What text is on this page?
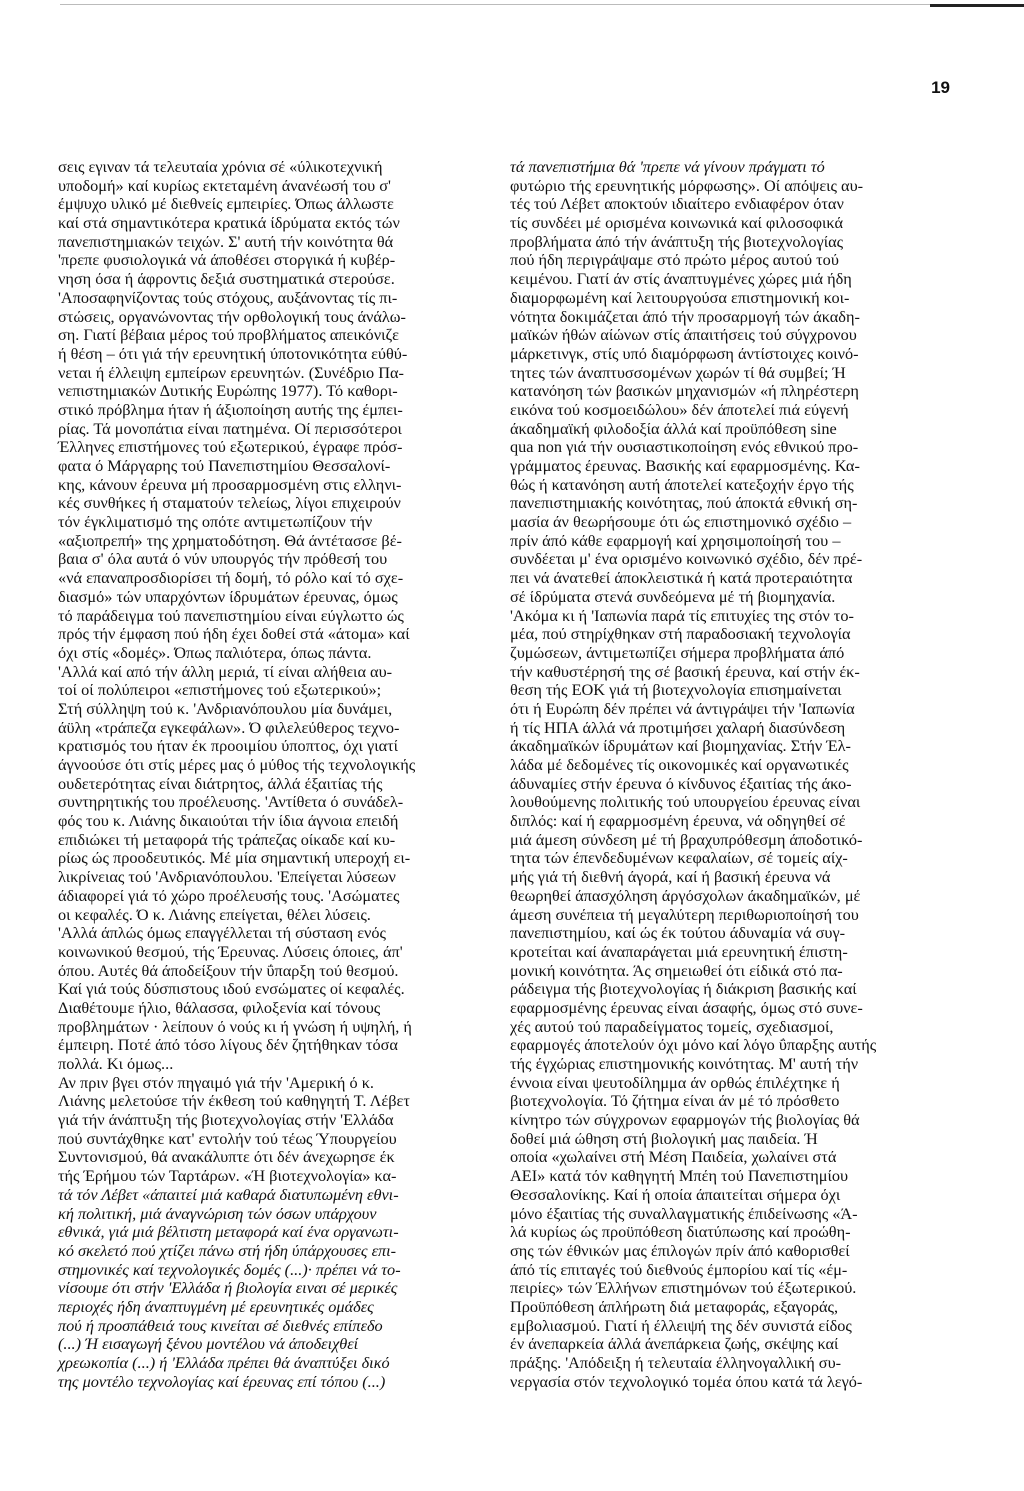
19
σεις εγιναν τά τελευταία χρόνια σέ «ύλικοτεχνική
υποδομή» καί κυρίως εκτεταμένη άνανέωσή του σ'
έμψυχο υλικό μέ διεθνείς εμπειρίες. Όπως άλλωστε
καί στά σημαντικότερα κρατικά ίδρύματα εκτός τών
πανεπιστημιακών τειχών. Σ' αυτή τήν κοινότητα θά
'πρεπε φυσιολογικά νά άποθέσει στοργικά ή κυβέρ-
νηση όσα ή άφροντις δεξιά συστηματικά στερούσε.
'Αποσαφηνίζοντας τούς στόχους, αυξάνοντας τίς πι-
στώσεις, οργανώνοντας τήν ορθολογική τους άνάλω-
ση. Γιατί βέβαια μέρος τού προβλήματος απεικόνιζε
ή θέση – ότι γιά τήν ερευνητική ύποτονικότητα εύθύ-
νεται ή έλλειψη εμπείρων ερευνητών. (Συνέδριο Πα-
νεπιστημιακών Δυτικής Ευρώπης 1977). Τό καθορι-
στικό πρόβλημα ήταν ή άξιοποίηση αυτής της έμπει-
ρίας. Τά μονοπάτια είναι πατημένα. Οί περισσότεροι
Έλληνες επιστήμονες τού εξωτερικού, έγραφε πρόσ-
φατα ό Μάργαρης τού Πανεπιστημίου Θεσσαλονί-
κης, κάνουν έρευνα μή προσαρμοσμένη στις ελληνι-
κές συνθήκες ή σταματούν τελείως, λίγοι επιχειρούν
τόν έγκλιματισμό της οπότε αντιμετωπίζουν τήν
«αξιοπρεπή» της χρηματοδότηση. Θά άντέτασσε βέ-
βαια σ' όλα αυτά ό νύν υπουργός τήν πρόθεσή του
«νά επαναπροσδιορίσει τή δομή, τό ρόλο καί τό σχε-
διασμό» τών υπαρχόντων ίδρυμάτων έρευνας, όμως
τό παράδειγμα τού πανεπιστημίου είναι εύγλωττο ώς
πρός τήν έμφαση πού ήδη έχει δοθεί στά «άτομα» καί
όχι στίς «δομές». Όπως παλιότερα, όπως πάντα.
'Αλλά καί από τήν άλλη μεριά, τί είναι αλήθεια αυ-
τοί οί πολύπειροι «επιστήμονες τού εξωτερικού»;
Στή σύλληψη τού κ. 'Ανδριανόπουλου μία δυνάμει,
άϋλη «τράπεζα εγκεφάλων». Ό φιλελεύθερος τεχνο-
κρατισμός του ήταν έκ προοιμίου ύποπτος, όχι γιατί
άγνοούσε ότι στίς μέρες μας ό μύθος τής τεχνολογικής
ουδετερότητας είναι διάτρητος, άλλά έξαιτίας τής
συντηρητικής του προέλευσης. 'Αντίθετα ό συνάδελ-
φός του κ. Λιάνης δικαιούται τήν ίδια άγνοια επειδή
επιδιώκει τή μεταφορά τής τράπεζας οίκαδε καί κυ-
ρίως ώς προοδευτικός. Μέ μία σημαντική υπεροχή ει-
λικρίνειας τού 'Ανδριανόπουλου. 'Επείγεται λύσεων
άδιαφορεί γιά τό χώρο προέλευσής τους. 'Ασώματες
οι κεφαλές. Ό κ. Λιάνης επείγεται, θέλει λύσεις.
'Αλλά άπλώς όμως επαγγέλλεται τή σύσταση ενός
κοινωνικού θεσμού, τής Έρευνας. Λύσεις όποιες, άπ'
όπου. Αυτές θά άποδείξουν τήν ΰπαρξη τού θεσμού.
Καί γιά τούς δύσπιστους ιδού ενσώματες οί κεφαλές.
Διαθέτουμε ήλιο, θάλασσα, φιλοξενία καί τόνους
προβλημάτων · λείπουν ό νούς κι ή γνώση ή υψηλή, ή
έμπειρη. Ποτέ άπό τόσο λίγους δέν ζητήθηκαν τόσα
πολλά. Κι όμως...
Αν πριν βγει στόν πηγαιμό γιά τήν 'Αμερική ό κ.
Λιάνης μελετούσε τήν έκθεση τού καθηγητή Τ. Λέβετ
γιά τήν άνάπτυξη τής βιοτεχνολογίας στήν 'Ελλάδα
πού συντάχθηκε κατ' εντολήν τού τέως Ύπουργείου
Συντονισμού, θά ανακάλυπτε ότι δέν άνεχωρησε έκ
τής Έρήμου τών Ταρτάρων. «Ή βιοτεχνολογία» κα-
τά τόν Λέβετ «άπαιτεί μιά καθαρά διατυπωμένη εθνι-
κή πολιτική, μιά άναγνώριση τών όσων υπάρχουν
εθνικά, γιά μιά βέλτιστη μεταφορά καί ένα οργανωτι-
κό σκελετό πού χτίζει πάνω στή ήδη ύπάρχουσες επι-
στημονικές καί τεχνολογικές δομές (...)· πρέπει νά το-
νίσουμε ότι στήν 'Ελλάδα ή βιολογία ειναι σέ μερικές
περιοχές ήδη άναπτυγμένη μέ ερευνητικές ομάδες
πού ή προσπάθειά τους κινείται σέ διεθνές επίπεδο
(...) Ή εισαγωγή ξένου μοντέλου νά άποδειχθεί
χρεωκοπία (...) ή 'Ελλάδα πρέπει θά άναπτύξει δικό
της μοντέλο τεχνολογίας καί έρευνας επί τόπου (...)
τά πανεπιστήμια θά 'πρεπε νά γίνουν πράγματι τό
φυτώριο τής ερευνητικής μόρφωσης». Οί απόψεις αυ-
τές τού Λέβετ αποκτούν ιδιαίτερο ενδιαφέρον όταν
τίς συνδέει μέ ορισμένα κοινωνικά καί φιλοσοφικά
προβλήματα άπό τήν άνάπτυξη τής βιοτεχνολογίας
πού ήδη περιγράψαμε στό πρώτο μέρος αυτού τού
κειμένου. Γιατί άν στίς άναπτυγμένες χώρες μιά ήδη
διαμορφωμένη καί λειτουργούσα επιστημονική κοι-
νότητα δοκιμάζεται άπό τήν προσαρμογή τών άκαδη-
μαϊκών ήθών αίώνων στίς άπαιτήσεις τού σύγχρονου
μάρκετινγκ, στίς υπό διαμόρφωση άντίστοιχες κοινό-
τητες τών άναπτυσσομένων χωρών τί θά συμβεί; Ή
κατανόηση τών βασικών μηχανισμών «ή πληρέστερη
εικόνα τού κοσμοειδώλου» δέν άποτελεί πιά εύγενή
άκαδημαϊκή φιλοδοξία άλλά καί προϋπόθεση sine
qua non γιά τήν ουσιαστικοποίηση ενός εθνικού προ-
γράμματος έρευνας. Βασικής καί εφαρμοσμένης. Κα-
θώς ή κατανόηση αυτή άποτελεί κατεξοχήν έργο τής
πανεπιστημιακής κοινότητας, πού άποκτά εθνική ση-
μασία άν θεωρήσουμε ότι ώς επιστημονικό σχέδιο –
πρίν άπό κάθε εφαρμογή καί χρησιμοποίησή του –
συνδέεται μ' ένα ορισμένο κοινωνικό σχέδιο, δέν πρέ-
πει νά άνατεθεί άποκλειστικά ή κατά προτεραιότητα
σέ ίδρύματα στενά συνδεόμενα μέ τή βιομηχανία.
'Ακόμα κι ή 'Ιαπωνία παρά τίς επιτυχίες της στόν το-
μέα, πού στηρίχθηκαν στή παραδοσιακή τεχνολογία
ζυμώσεων, άντιμετωπίζει σήμερα προβλήματα άπό
τήν καθυστέρησή της σέ βασική έρευνα, καί στήν έκ-
θεση τής ΕΟΚ γιά τή βιοτεχνολογία επισημαίνεται
ότι ή Ευρώπη δέν πρέπει νά άντιγράψει τήν 'Ιαπωνία
ή τίς ΗΠΑ άλλά νά προτιμήσει χαλαρή διασύνδεση
άκαδημαϊκών ίδρυμάτων καί βιομηχανίας. Στήν Έλ-
λάδα μέ δεδομένες τίς οικονομικές καί οργανωτικές
άδυναμίες στήν έρευνα ό κίνδυνος έξαιτίας τής άκο-
λουθούμενης πολιτικής τού υπουργείου έρευνας είναι
διπλός: καί ή εφαρμοσμένη έρευνα, νά οδηγηθεί σέ
μιά άμεση σύνδεση μέ τή βραχυπρόθεσμη άποδοτικό-
τητα τών έπενδεδυμένων κεφαλαίων, σέ τομείς αίχ-
μής γιά τή διεθνή άγορά, καί ή βασική έρευνα νά
θεωρηθεί άπασχόληση άργόσχολων άκαδημαϊκών, μέ
άμεση συνέπεια τή μεγαλύτερη περιθωριοποίησή του
πανεπιστημίου, καί ώς έκ τούτου άδυναμία νά συγ-
κροτείται καί άναπαράγεται μιά ερευνητική έπιστη-
μονική κοινότητα. Άς σημειωθεί ότι είδικά στό πα-
ράδειγμα τής βιοτεχνολογίας ή διάκριση βασικής καί
εφαρμοσμένης έρευνας είναι άσαφής, όμως στό συνε-
χές αυτού τού παραδείγματος τομείς, σχεδιασμοί,
εφαρμογές άποτελούν όχι μόνο καί λόγο ΰπαρξης αυτής
τής έγχώριας επιστημονικής κοινότητας. Μ' αυτή τήν
έννοια είναι ψευτοδίλημμα άν ορθώς έπιλέχτηκε ή
βιοτεχνολογία. Τό ζήτημα είναι άν μέ τό πρόσθετο
κίνητρο τών σύγχρονων εφαρμογών τής βιολογίας θά
δοθεί μιά ώθηση στή βιολογική μας παιδεία. Ή
οποία «χωλαίνει στή Μέση Παιδεία, χωλαίνει στά
ΑΕΙ» κατά τόν καθηγητή Μπέη τού Πανεπιστημίου
Θεσσαλονίκης. Καί ή οποία άπαιτείται σήμερα όχι
μόνο έξαιτίας τής συναλλαγματικής έπιδείνωσης «Ά-
λά κυρίως ώς προϋπόθεση διατύπωσης καί προώθη-
σης τών έθνικών μας έπιλογών πρίν άπό καθορισθεί
άπό τίς επιταγές τού διεθνούς έμπορίου καί τίς «έμ-
πειρίες» τών Έλλήνων επιστημόνων τού έξωτερικού.
Προϋπόθεση άπλήρωτη διά μεταφοράς, εξαγοράς,
εμβολιασμού. Γιατί ή έλλειψή της δέν συνιστά είδος
έν άνεπαρκεία άλλά άνεπάρκεια ζωής, σκέψης καί
πράξης. 'Απόδειξη ή τελευταία έλληνογαλλική συ-
νεργασία στόν τεχνολογικό τομέα όπου κατά τά λεγό-
